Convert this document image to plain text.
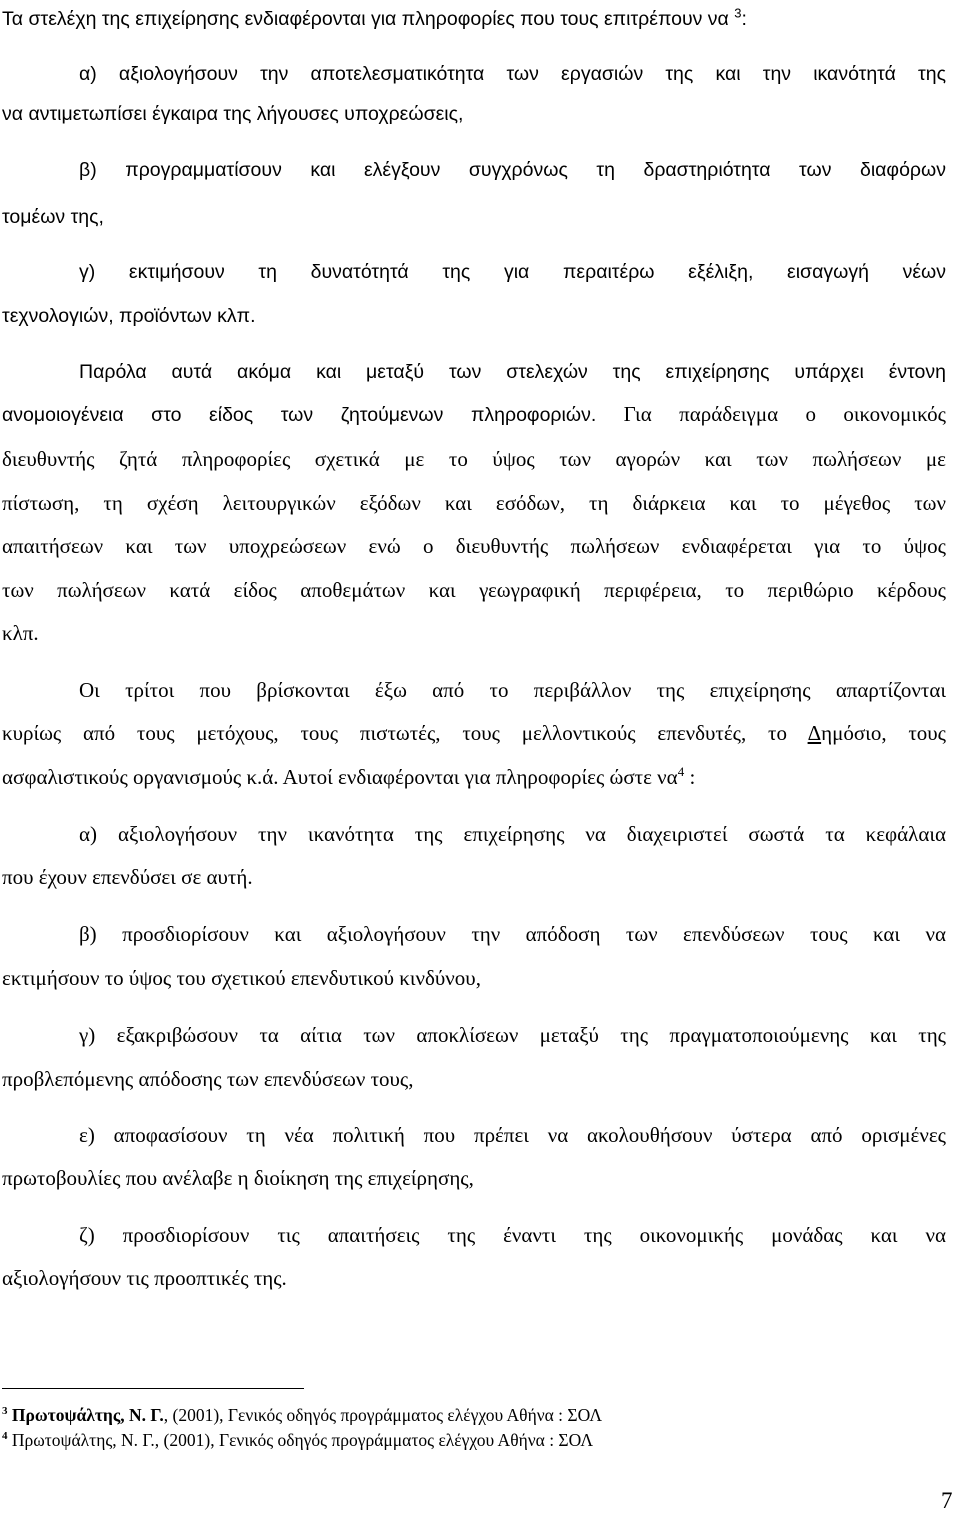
Τα στελέχη της επιχείρησης ενδιαφέρονται για πληροφορίες που τους επιτρέπουν να $^3$:
α) αξιολογήσουν την αποτελεσματικότητα των εργασιών της και την ικανότητά της
να αντιμετωπίσει έγκαιρα της λήγουσες υποχρεώσεις,
β) προγραμματίσουν και ελέγξουν συγχρόνως τη δραστηριότητα των διαφόρων
τομέων της,
γ) εκτιμήσουν τη δυνατότητά της για περαιτέρω εξέλιξη, εισαγωγή νέων
τεχνολογιών, προϊόντων κλπ.
Παρόλα αυτά ακόμα και μεταξύ των στελεχών της επιχείρησης υπάρχει έντονη
ανομοιογένεια στο είδος των ζητούμενων πληροφοριών. Για παράδειγμα ο οικονομικός
διευθυντής ζητά πληροφορίες σχετικά με το ύψος των αγορών και των πωλήσεων με
πίστωση, τη σχέση λειτουργικών εξόδων και εσόδων, τη διάρκεια και το μέγεθος των
απαιτήσεων και των υποχρεώσεων ενώ ο διευθυντής πωλήσεων ενδιαφέρεται για το ύψος
των πωλήσεων κατά είδος αποθεμάτων και γεωγραφική περιφέρεια, το περιθώριο κέρδους
κλπ.
Οι τρίτοι που βρίσκονται έξω από το περιβάλλον της επιχείρησης απαρτίζονται
κυρίως από τους μετόχους, τους πιστωτές, τους μελλοντικούς επενδυτές, το Δημόσιο, τους
ασφαλιστικούς οργανισμούς κ.ά. Αυτοί ενδιαφέρονται για πληροφορίες ώστε $\nu\alpha^4$ :
α) αξιολογήσουν την ικανότητα της επιχείρησης να διαχειριστεί σωστά τα κεφάλαια
που έχουν επενδύσει σε αυτή.
β) προσδιορίσουν και αξιολογήσουν την απόδοση των επενδύσεων τους και να
εκτιμήσουν το ύψος του σχετικού επενδυτικού κινδύνου,
γ) εξακριβώσουν τα αίτια των αποκλίσεων μεταξύ της πραγματοποιούμενης και της
προβλεπόμενης απόδοσης των επενδύσεων τους,
ε) αποφασίσουν τη νέα πολιτική που πρέπει να ακολουθήσουν ύστερα από ορισμένες
πρωτοβουλίες που ανέλαβε η διοίκηση της επιχείρησης,
ζ) προσδιορίσουν τις απαιτήσεις της έναντι της οικονομικής μονάδας και να
αξιολογήσουν τις προοπτικές της.
$^3$ Πρωτοψάλτης, Ν. Γ., (2001), Γενικός οδηγός προγράμματος ελέγχου Αθήνα : ΣΟΛ
$^4$ Πρωτοψάλτης, Ν. Γ., (2001), Γενικός οδηγός προγράμματος ελέγχου Αθήνα : ΣΟΛ
7
